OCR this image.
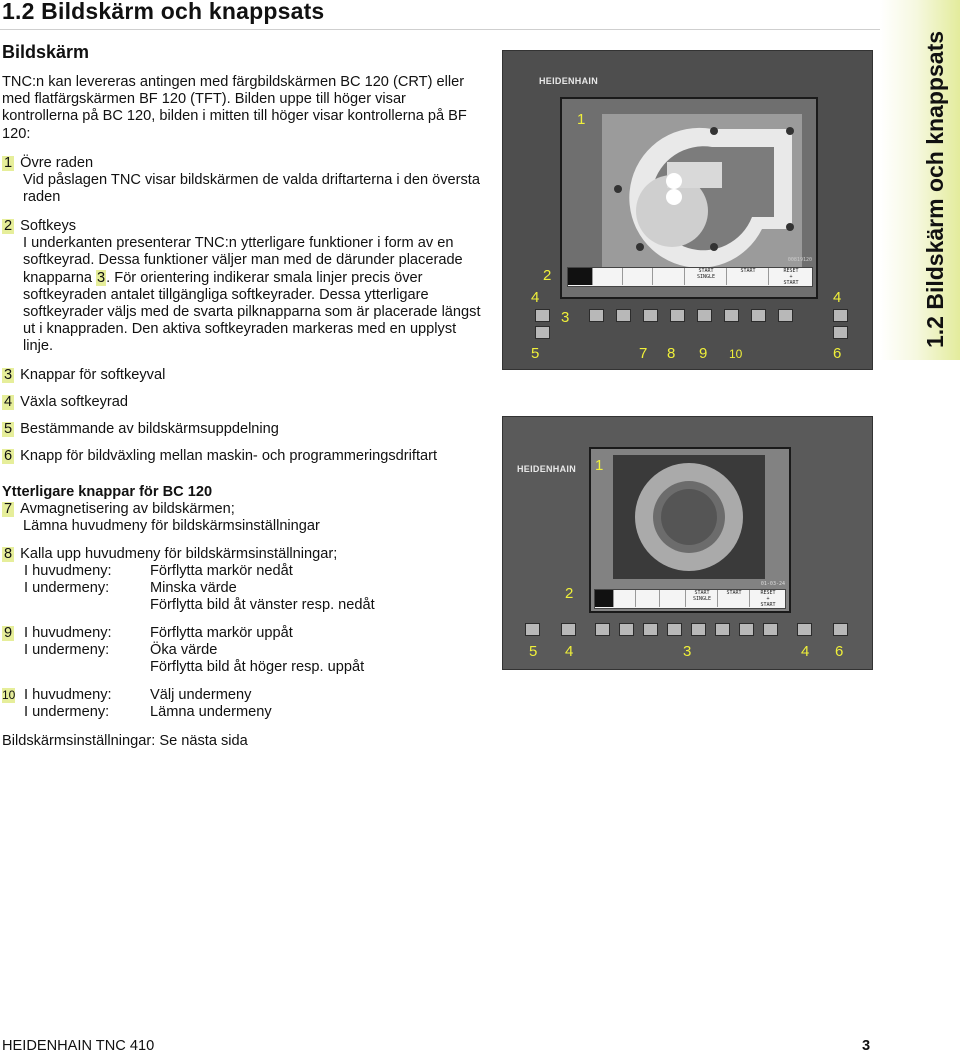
1.2 Bildskärm och knappsats
1.2 Bildskärm och knappsats
Bildskärm
TNC:n kan levereras antingen med färgbildskärmen BC 120 (CRT) eller med flatfärgskärmen BF 120 (TFT). Bilden uppe till höger visar kontrollerna på BC 120, bilden i mitten till höger visar kontrollerna på BF 120:
1 Övre raden
Vid påslagen TNC visar bildskärmen de valda driftarterna i den översta raden
2 Softkeys
I underkanten presenterar TNC:n ytterligare funktioner i form av en softkeyrad. Dessa funktioner väljer man med de därunder placerade knapparna 3. För orientering indikerar smala linjer precis över softkeyraden antalet tillgängliga softkeyrader. Dessa ytterligare softkeyrader väljs med de svarta pilknapparna som är placerade längst ut i knappraden. Den aktiva softkeyraden markeras med en upplyst linje.
3 Knappar för softkeyval
4 Växla softkeyrad
5 Bestämmande av bildskärmsuppdelning
6 Knapp för bildväxling mellan maskin- och programmeringsdriftart
Ytterligare knappar för BC 120
7 Avmagnetisering av bildskärmen;
Lämna huvudmeny för bildskärmsinställningar
8 Kalla upp huvudmeny för bildskärmsinställningar;
I huvudmeny:	Förflytta markör nedåt
I undermeny:	Minska värde
Förflytta bild åt vänster resp. nedåt
9 I huvudmeny:	Förflytta markör uppåt
I undermeny:	Öka värde
Förflytta bild åt höger resp. uppåt
10 I huvudmeny:	Välj undermeny
I undermeny:	Lämna undermeny
Bildskärmsinställningar: Se nästa sida
HEIDENHAIN
00819120
START
SINGLE
START	RESET
+
START
1
2
4
3
4
5	7 8 9 10	6
HEIDENHAIN
01-03-24
START
SINGLE
START	RESET
+
START
1
2
5 4	3	4 6
HEIDENHAIN TNC 410	3
